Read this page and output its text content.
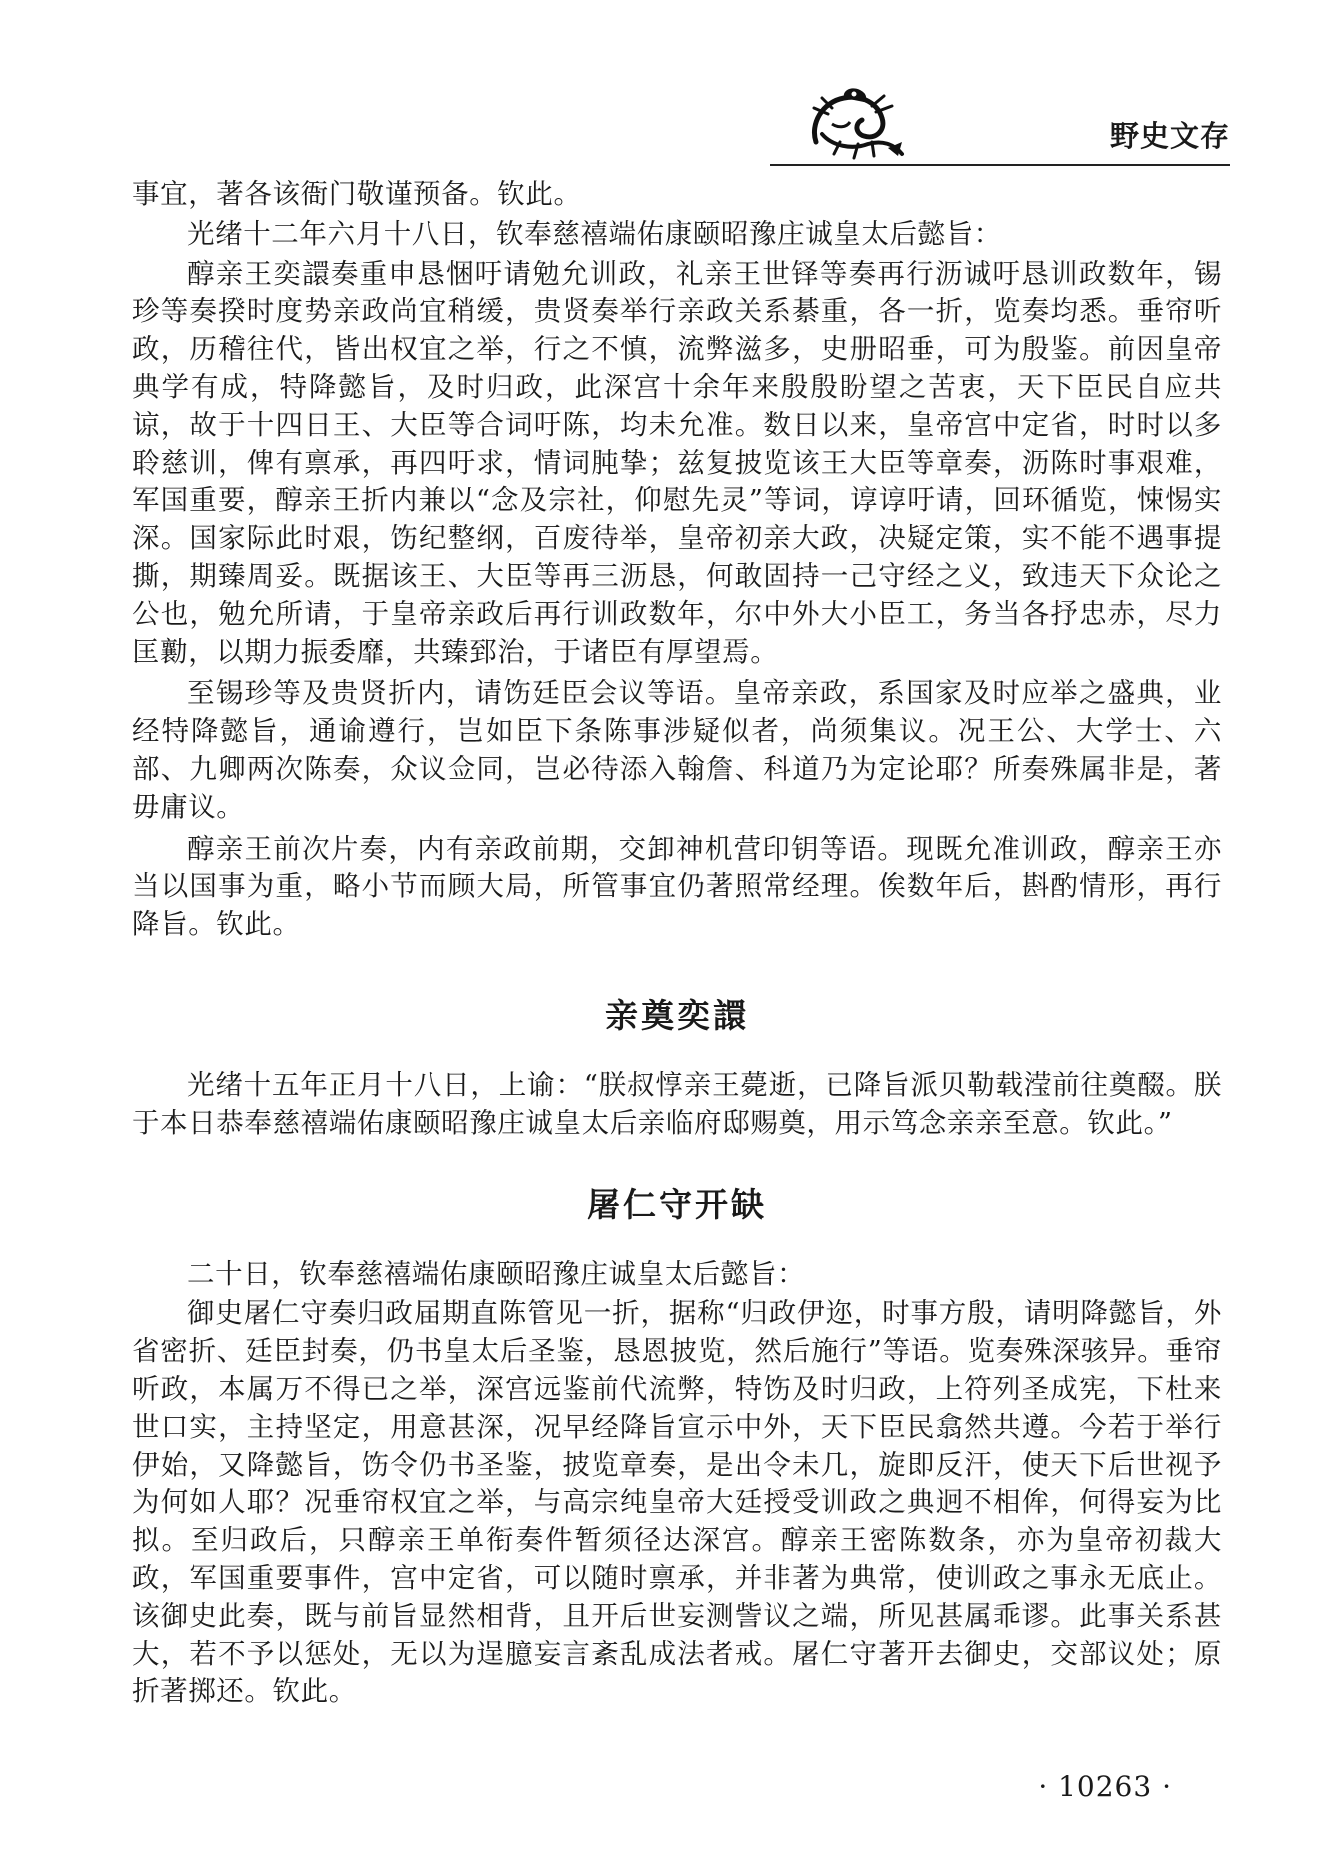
野史文存

事宜，著各该衙门敬谨预备。钦此。

光绪十二年六月十八日，钦奉慈禧端佑康颐昭豫庄诚皇太后懿旨：

醇亲王奕譞奏重申恳悃吁请勉允训政，礼亲王世铎等奏再行沥诚吁恳训政数年，锡珍等奏揆时度势亲政尚宜稍缓，贵贤奏举行亲政关系綦重，各一折，览奏均悉。垂帘听政，历稽往代，皆出权宜之举，行之不慎，流弊滋多，史册昭垂，可为殷鉴。前因皇帝典学有成，特降懿旨，及时归政，此深宫十余年来殷殷盼望之苦衷，天下臣民自应共谅，故于十四日王、大臣等合词吁陈，均未允准。数日以来，皇帝宫中定省，时时以多聆慈训，俾有禀承，再四吁求，情词肫挚；兹复披览该王大臣等章奏，沥陈时事艰难，军国重要，醇亲王折内兼以“念及宗社，仰慰先灵”等词，谆谆吁请，回环循览，悚惕实深。国家际此时艰，饬纪整纲，百废待举，皇帝初亲大政，决疑定策，实不能不遇事提撕，期臻周妥。既据该王、大臣等再三沥恳，何敢固持一己守经之义，致违天下众论之公也，勉允所请，于皇帝亲政后再行训政数年，尔中外大小臣工，务当各抒忠赤，尽力匡勷，以期力振委靡，共臻郅治，于诸臣有厚望焉。

至锡珍等及贵贤折内，请饬廷臣会议等语。皇帝亲政，系国家及时应举之盛典，业经特降懿旨，通谕遵行，岂如臣下条陈事涉疑似者，尚须集议。况王公、大学士、六部、九卿两次陈奏，众议佥同，岂必待添入翰詹、科道乃为定论耶？所奏殊属非是，著毋庸议。

醇亲王前次片奏，内有亲政前期，交卸神机营印钥等语。现既允准训政，醇亲王亦当以国事为重，略小节而顾大局，所管事宜仍著照常经理。俟数年后，斟酌情形，再行降旨。钦此。

亲奠奕譞

光绪十五年正月十八日，上谕：“朕叔惇亲王薨逝，已降旨派贝勒载滢前往奠醊。朕于本日恭奉慈禧端佑康颐昭豫庄诚皇太后亲临府邸赐奠，用示笃念亲亲至意。钦此。”

屠仁守开缺

二十日，钦奉慈禧端佑康颐昭豫庄诚皇太后懿旨：

御史屠仁守奏归政届期直陈管见一折，据称“归政伊迩，时事方殷，请明降懿旨，外省密折、廷臣封奏，仍书皇太后圣鉴，恳恩披览，然后施行”等语。览奏殊深骇异。垂帘听政，本属万不得已之举，深宫远鉴前代流弊，特饬及时归政，上符列圣成宪，下杜来世口实，主持坚定，用意甚深，况早经降旨宣示中外，天下臣民翕然共遵。今若于举行伊始，又降懿旨，饬令仍书圣鉴，披览章奏，是出令未几，旋即反汗，使天下后世视予为何如人耶？况垂帘权宜之举，与高宗纯皇帝大廷授受训政之典迥不相侔，何得妄为比拟。至归政后，只醇亲王单衔奏件暂须径达深宫。醇亲王密陈数条，亦为皇帝初裁大政，军国重要事件，宫中定省，可以随时禀承，并非著为典常，使训政之事永无底止。该御史此奏，既与前旨显然相背，且开后世妄测訾议之端，所见甚属乖谬。此事关系甚大，若不予以惩处，无以为逞臆妄言紊乱成法者戒。屠仁守著开去御史，交部议处；原折著掷还。钦此。

· 10263 ·
